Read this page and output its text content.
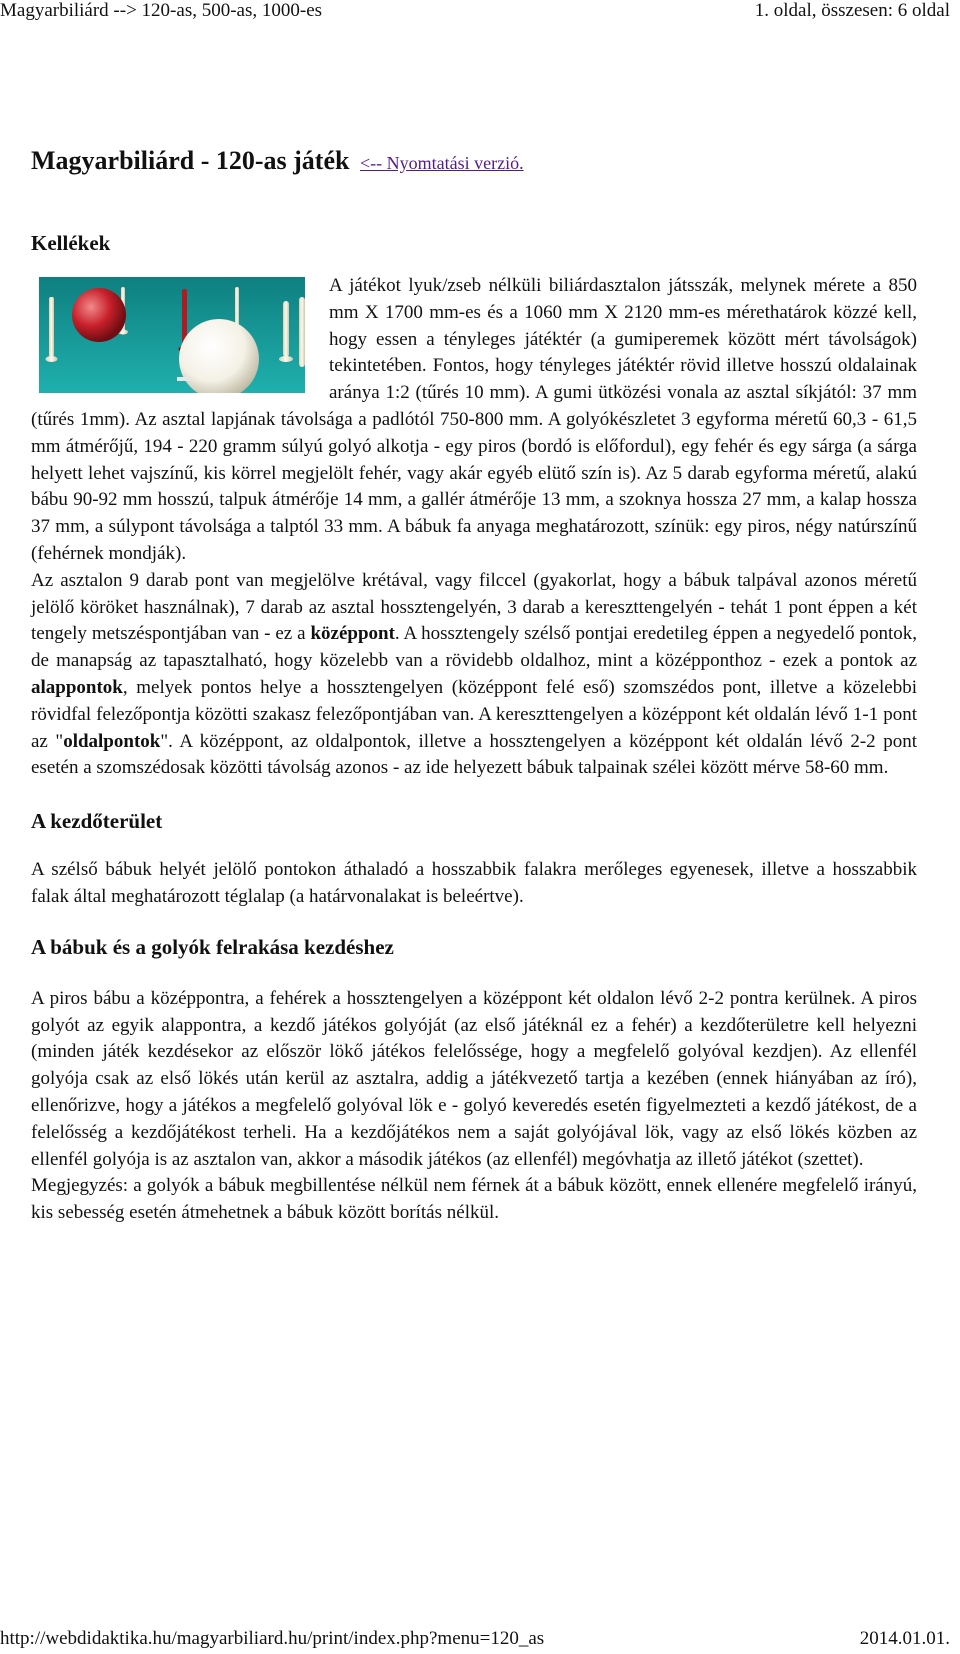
Magyarbiliárd --> 120-as, 500-as, 1000-es	1. oldal, összesen: 6 oldal
Magyarbiliárd - 120-as játék <-- Nyomtatási verzió.
Kellékek

A játékot lyuk/zseb nélküli biliárdasztalon játsszák, melynek mérete a 850 mm X 1700 mm-es és a 1060 mm X 2120 mm-es mérethatárok közzé kell, hogy essen a tényleges játéktér (a gumiperemek között mért távolságok) tekintetében. Fontos, hogy tényleges játéktér rövid illetve hosszú oldalainak aránya 1:2 (tűrés 10 mm). A gumi ütközési vonala az asztal síkjától: 37 mm (tűrés 1mm). Az asztal lapjának távolsága a padlótól 750-800 mm. A golyókészletet 3 egyforma méretű 60,3 - 61,5 mm átmérőjű, 194 - 220 gramm súlyú golyó alkotja - egy piros (bordó is előfordul), egy fehér és egy sárga (a sárga helyett lehet vajszínű, kis körrel megjelölt fehér, vagy akár egyéb elütő szín is). Az 5 darab egyforma méretű, alakú bábu 90-92 mm hosszú, talpuk átmérője 14 mm, a gallér átmérője 13 mm, a szoknya hossza 27 mm, a kalap hossza 37 mm, a súlypont távolsága a talptól 33 mm. A bábuk fa anyaga meghatározott, színük: egy piros, négy natúrszínű (fehérnek mondják).

Az asztalon 9 darab pont van megjelölve krétával, vagy filccel (gyakorlat, hogy a bábuk talpával azonos méretű jelölő köröket használnak), 7 darab az asztal hossztengelyén, 3 darab a kereszttengelyén - tehát 1 pont éppen a két tengely metszéspontjában van - ez a középpont. A hossztengely szélső pontjai eredetileg éppen a negyedelő pontok, de manapság az tapasztalható, hogy közelebb van a rövidebb oldalhoz, mint a középponthoz - ezek a pontok az alappontok, melyek pontos helye a hossztengelyen (középpont felé eső) szomszédos pont, illetve a közelebbi rövidfal felezőpontja közötti szakasz felezőpontjában van. A kereszttengelyen a középpont két oldalán lévő 1-1 pont az "oldalpontok". A középpont, az oldalpontok, illetve a hossztengelyen a középpont két oldalán lévő 2-2 pont esetén a szomszédosak közötti távolság azonos - az ide helyezett bábuk talpainak szélei között mérve 58-60 mm.

A kezdőterület

A szélső bábuk helyét jelölő pontokon áthaladó a hosszabbik falakra merőleges egyenesek, illetve a hosszabbik falak által meghatározott téglalap (a határvonalakat is beleértve).

A bábuk és a golyók felrakása kezdéshez

A piros bábu a középpontra, a fehérek a hossztengelyen a középpont két oldalon lévő 2-2 pontra kerülnek. A piros golyót az egyik alappontra, a kezdő játékos golyóját (az első játéknál ez a fehér) a kezdőterületre kell helyezni (minden játék kezdésekor az először lökő játékos felelőssége, hogy a megfelelő golyóval kezdjen). Az ellenfél golyója csak az első lökés után kerül az asztalra, addig a játékvezető tartja a kezében (ennek hiányában az író), ellenőrizve, hogy a játékos a megfelelő golyóval lök e - golyó keveredés esetén figyelmezteti a kezdő játékost, de a felelősség a kezdőjátékost terheli. Ha a kezdőjátékos nem a saját golyójával lök, vagy az első lökés közben az ellenfél golyója is az asztalon van, akkor a második játékos (az ellenfél) megóvhatja az illető játékot (szettet).

Megjegyzés: a golyók a bábuk megbillentése nélkül nem férnek át a bábuk között, ennek ellenére megfelelő irányú, kis sebesség esetén átmehetnek a bábuk között borítás nélkül.

http://webdidaktika.hu/magyarbiliard.hu/print/index.php?menu=120_as	2014.01.01.
